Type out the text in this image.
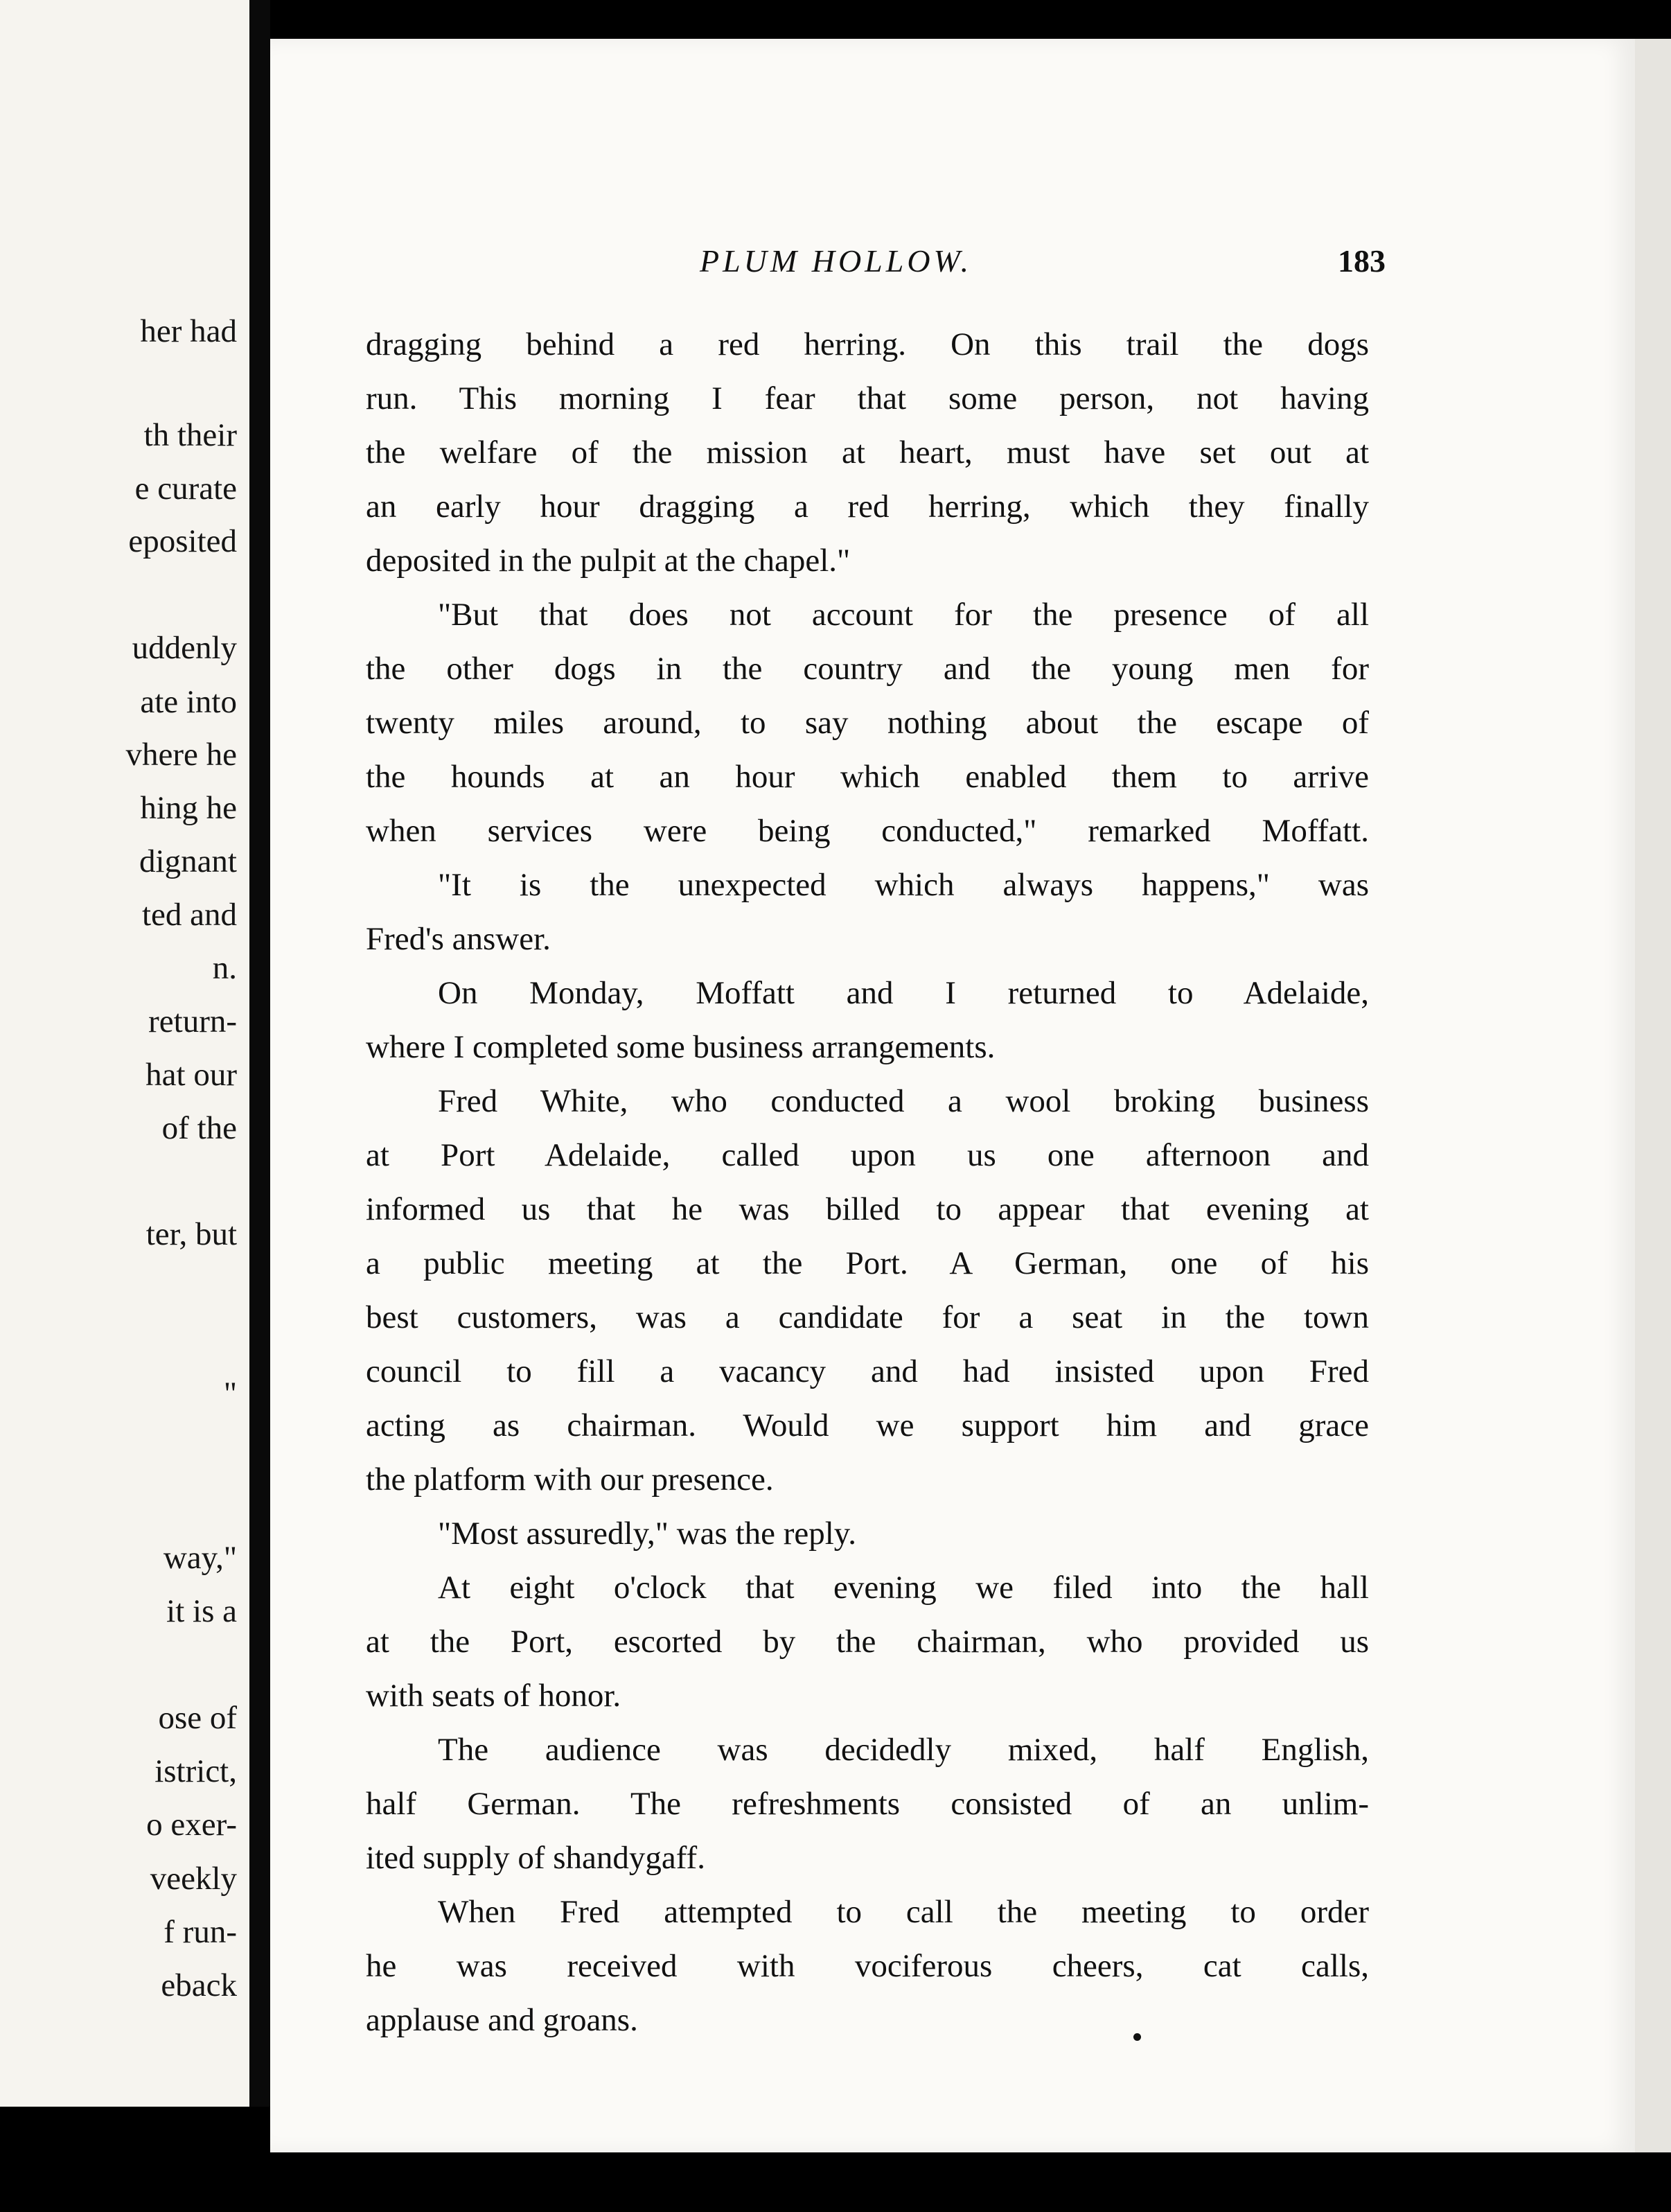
her had
th their
e curate
eposited
uddenly
ate into
vhere he
hing he
dignant
ted and
n.
return-
hat our
of the
ter, but
"
way,"
it is a
ose of
istrict,
o exer-
veekly
f run-
eback
PLUM HOLLOW.	183
dragging behind a red herring. On this trail the dogs
run. This morning I fear that some person, not having
the welfare of the mission at heart, must have set out at
an early hour dragging a red herring, which they finally
deposited in the pulpit at the chapel."
"But that does not account for the presence of all
the other dogs in the country and the young men for
twenty miles around, to say nothing about the escape of
the hounds at an hour which enabled them to arrive
when services were being conducted," remarked Moffatt.
"It is the unexpected which always happens," was
Fred's answer.
On Monday, Moffatt and I returned to Adelaide,
where I completed some business arrangements.
Fred White, who conducted a wool broking business
at Port Adelaide, called upon us one afternoon and
informed us that he was billed to appear that evening at
a public meeting at the Port. A German, one of his
best customers, was a candidate for a seat in the town
council to fill a vacancy and had insisted upon Fred
acting as chairman. Would we support him and grace
the platform with our presence.
"Most assuredly," was the reply.
At eight o'clock that evening we filed into the hall
at the Port, escorted by the chairman, who provided us
with seats of honor.
The audience was decidedly mixed, half English,
half German. The refreshments consisted of an unlim-
ited supply of shandygaff.
When Fred attempted to call the meeting to order
he was received with vociferous cheers, cat calls,
applause and groans.
